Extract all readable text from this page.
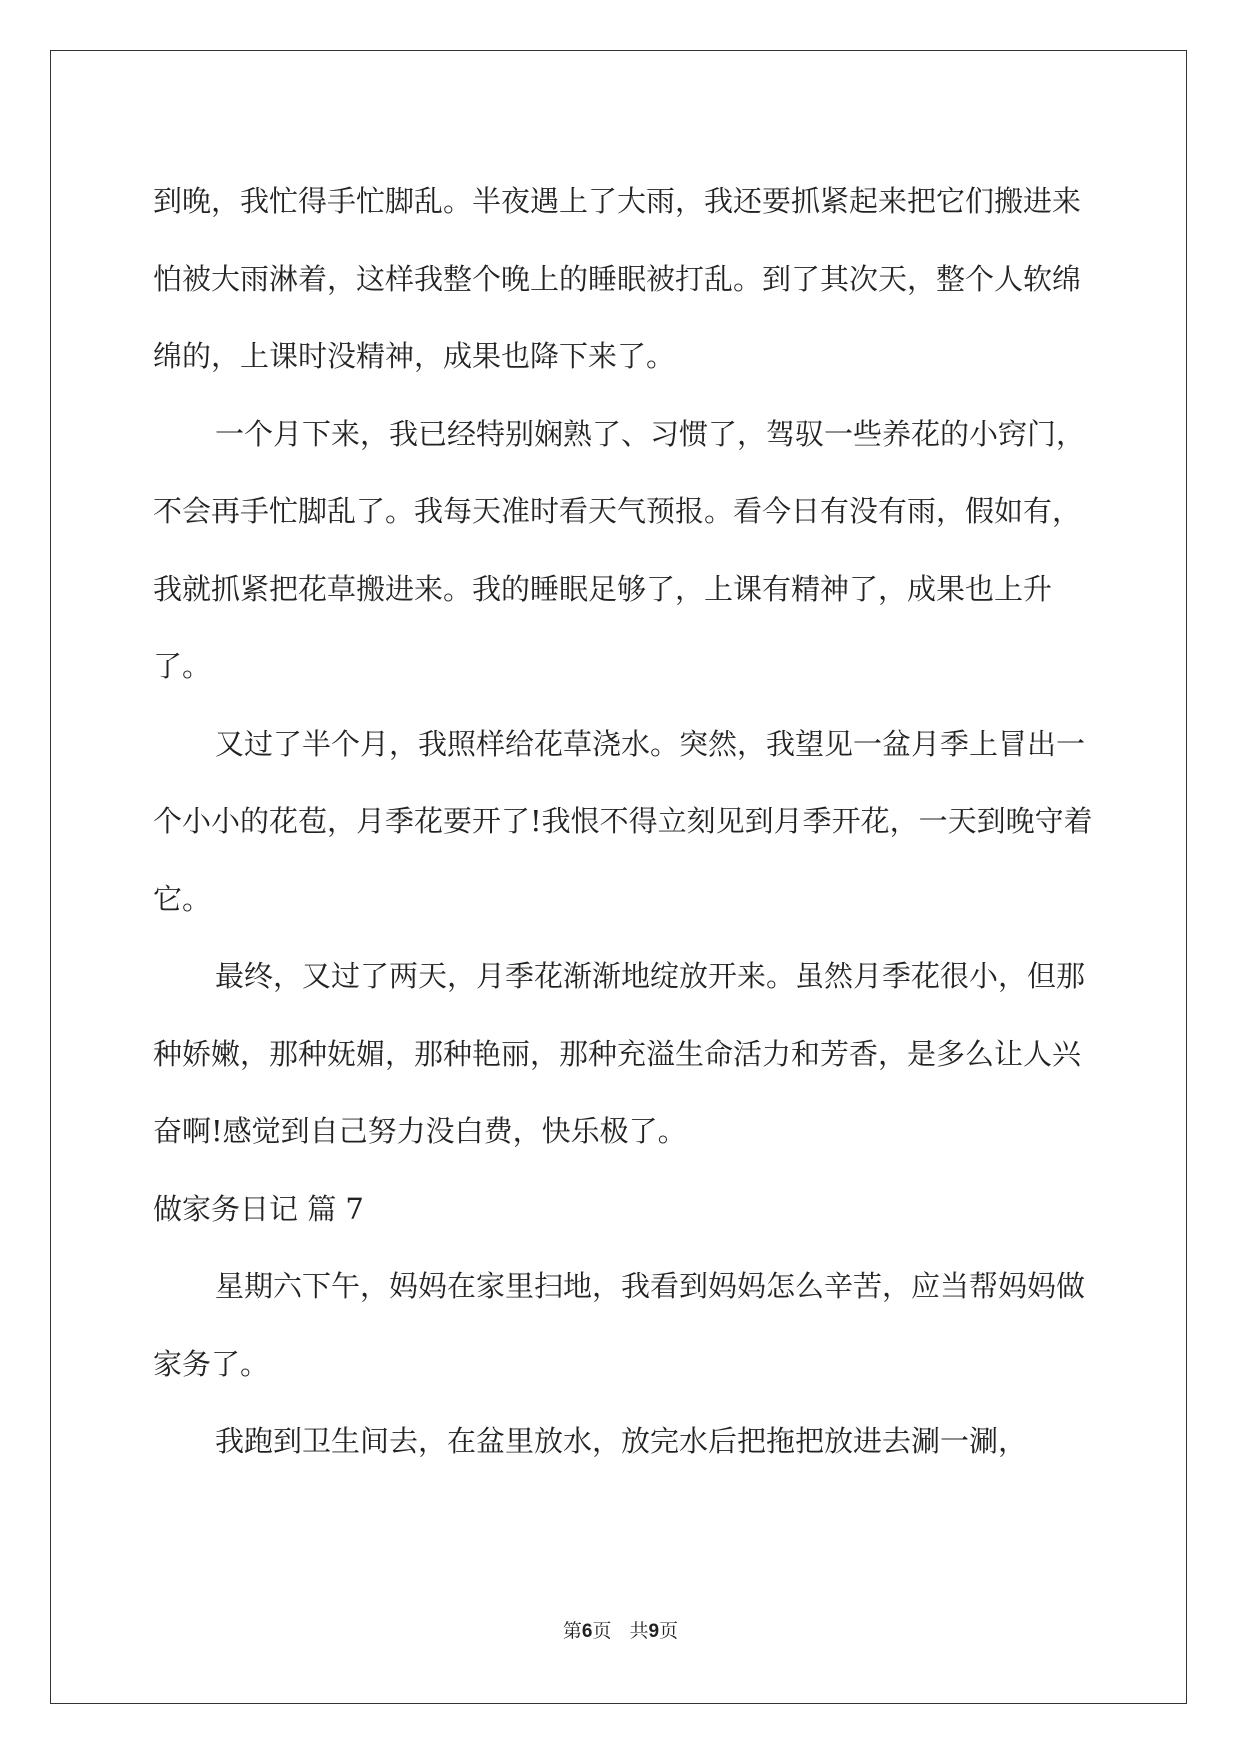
到晚，我忙得手忙脚乱。半夜遇上了大雨，我还要抓紧起来把它们搬进来怕被大雨淋着，这样我整个晚上的睡眠被打乱。到了其次天，整个人软绵绵的，上课时没精神，成果也降下来了。

一个月下来，我已经特别娴熟了、习惯了，驾驭一些养花的小窍门，不会再手忙脚乱了。我每天准时看天气预报。看今日有没有雨，假如有，我就抓紧把花草搬进来。我的睡眠足够了，上课有精神了，成果也上升了。

又过了半个月，我照样给花草浇水。突然，我望见一盆月季上冒出一个小小的花苞，月季花要开了!我恨不得立刻见到月季开花，一天到晚守着它。

最终，又过了两天，月季花渐渐地绽放开来。虽然月季花很小，但那种娇嫩，那种妩媚，那种艳丽，那种充溢生命活力和芳香，是多么让人兴奋啊!感觉到自己努力没白费，快乐极了。

做家务日记 篇 7

星期六下午，妈妈在家里扫地，我看到妈妈怎么辛苦，应当帮妈妈做家务了。

我跑到卫生间去，在盆里放水，放完水后把拖把放进去涮一涮，

第6页 共9页
